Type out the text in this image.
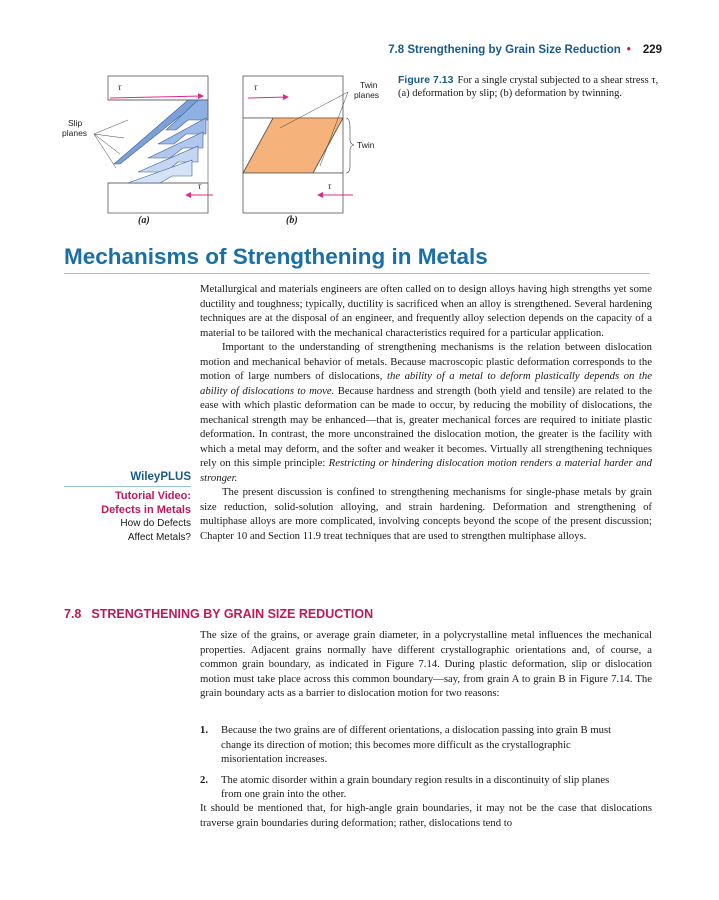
7.8 Strengthening by Grain Size Reduction • 229
τ
τ
Slip
planes
(a)
τ
τ
Twin
planes
Twin
(b)
Figure 7.13 For a single crystal subjected to a shear stress τ, (a) deformation by slip; (b) deformation by twinning.
Mechanisms of Strengthening in Metals

Metallurgical and materials engineers are often called on to design alloys having high strengths yet some ductility and toughness; typically, ductility is sacrificed when an alloy is strengthened. Several hardening techniques are at the disposal of an engineer, and frequently alloy selection depends on the capacity of a material to be tailored with the mechanical characteristics required for a particular application.

Important to the understanding of strengthening mechanisms is the relation between dislocation motion and mechanical behavior of metals. Because macroscopic plastic deformation corresponds to the motion of large numbers of dislocations, the ability of a metal to deform plastically depends on the ability of dislocations to move. Because hardness and strength (both yield and tensile) are related to the ease with which plastic deformation can be made to occur, by reducing the mobility of dislocations, the mechanical strength may be enhanced—that is, greater mechanical forces are required to initiate plastic deformation. In contrast, the more unconstrained the dislocation motion, the greater is the facility with which a metal may deform, and the softer and weaker it becomes. Virtually all strengthening techniques rely on this simple principle: Restricting or hindering dislocation motion renders a material harder and stronger.

The present discussion is confined to strengthening mechanisms for single-phase metals by grain size reduction, solid-solution alloying, and strain hardening. Deformation and strengthening of multiphase alloys are more complicated, involving concepts beyond the scope of the present discussion; Chapter 10 and Section 11.9 treat techniques that are used to strengthen multiphase alloys.

WileyPLUS
Tutorial Video:
Defects in Metals
How do Defects
Affect Metals?
7.8 STRENGTHENING BY GRAIN SIZE REDUCTION
The size of the grains, or average grain diameter, in a polycrystalline metal influences the mechanical properties. Adjacent grains normally have different crystallographic orientations and, of course, a common grain boundary, as indicated in Figure 7.14. During plastic deformation, slip or dislocation motion must take place across this common boundary—say, from grain A to grain B in Figure 7.14. The grain boundary acts as a barrier to dislocation motion for two reasons:
1.	Because the two grains are of different orientations, a dislocation passing into grain B must change its direction of motion; this becomes more difficult as the crystallographic misorientation increases.
2.	The atomic disorder within a grain boundary region results in a discontinuity of slip planes from one grain into the other.
It should be mentioned that, for high-angle grain boundaries, it may not be the case that dislocations traverse grain boundaries during deformation; rather, dislocations tend to
